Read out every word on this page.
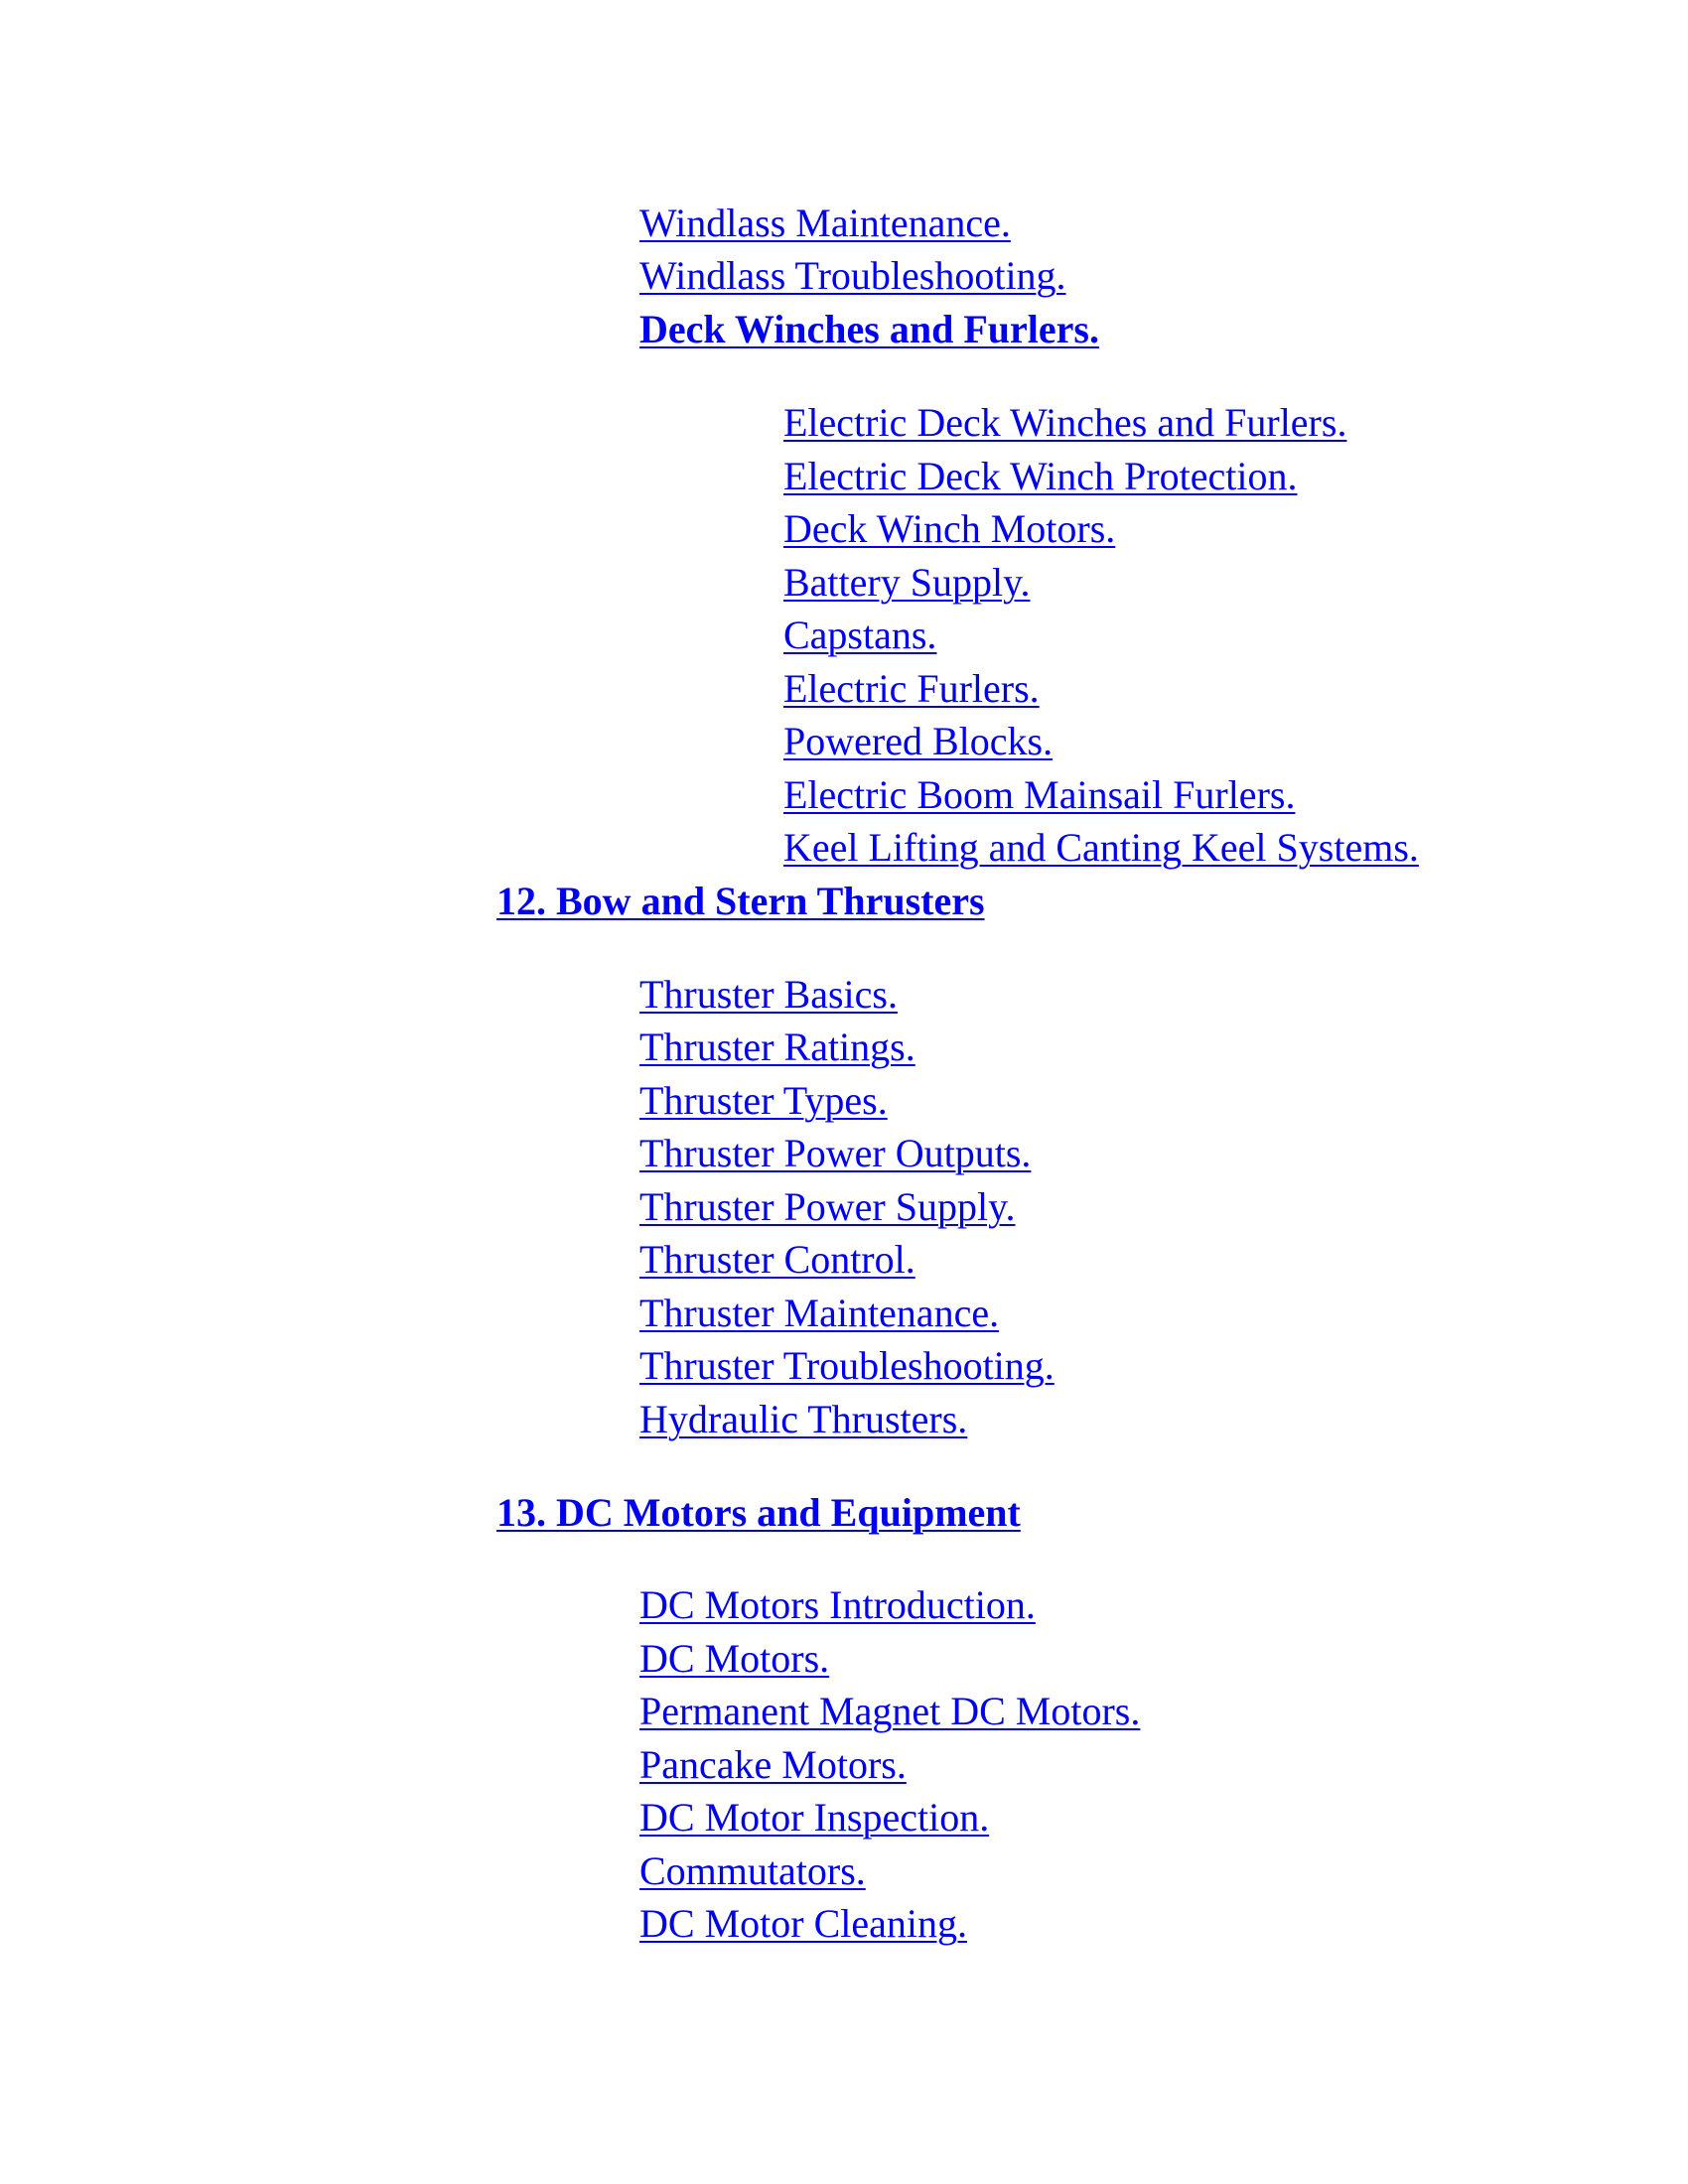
Windlass Maintenance.
Windlass Troubleshooting.
Deck Winches and Furlers.
Electric Deck Winches and Furlers.
Electric Deck Winch Protection.
Deck Winch Motors.
Battery Supply.
Capstans.
Electric Furlers.
Powered Blocks.
Electric Boom Mainsail Furlers.
Keel Lifting and Canting Keel Systems.
12. Bow and Stern Thrusters
Thruster Basics.
Thruster Ratings.
Thruster Types.
Thruster Power Outputs.
Thruster Power Supply.
Thruster Control.
Thruster Maintenance.
Thruster Troubleshooting.
Hydraulic Thrusters.
13. DC Motors and Equipment
DC Motors Introduction.
DC Motors.
Permanent Magnet DC Motors.
Pancake Motors.
DC Motor Inspection.
Commutators.
DC Motor Cleaning.
